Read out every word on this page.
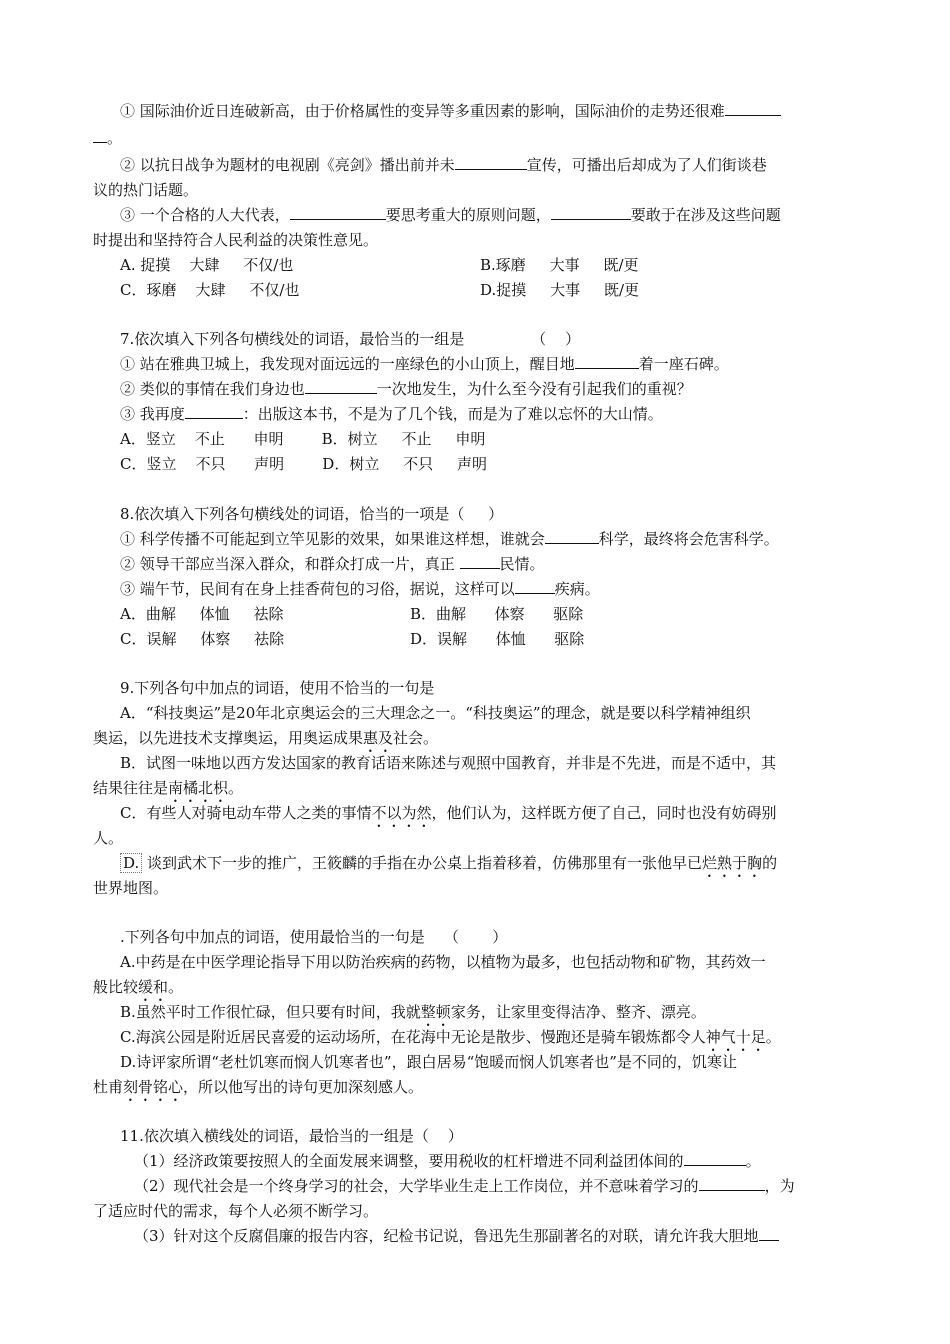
① 国际油价近日连破新高，由于价格属性的变异等多重因素的影响，国际油价的走势还很难
。
② 以抗日战争为题材的电视剧《亮剑》播出前并未	宣传，可播出后却成为了人们街谈巷
议的热门话题。
③ 一个合格的人大代表，	要思考重大的原则问题，	要敢于在涉及这些问题
时提出和坚持符合人民利益的决策性意见。
A. 捉摸    大肆     不仅/也	B.琢磨     大事     既/更
C．琢磨    大肆     不仅/也	D.捉摸     大事     既/更
7.依次填入下列各句横线处的词语，最恰当的一组是              （    ）
① 站在雅典卫城上，我发现对面远远的一座绿色的小山顶上，醒目地	着一座石碑。
② 类似的事情在我们身边也	一次地发生，为什么至今没有引起我们的重视？
③ 我再度	：出版这本书，不是为了几个钱，而是为了难以忘怀的大山情。
A．竖立    不止      申明        B．树立     不止     申明
C．竖立    不只      声明        D．树立     不只     声明
8.依次填入下列各句横线处的词语，恰当的一项是（     ）
① 科学传播不可能起到立竿见影的效果，如果谁这样想，谁就会	科学，最终将会危害科学。
② 领导干部应当深入群众，和群众打成一片，真正	民情。
③ 端午节，民间有在身上挂香荷包的习俗，据说，这样可以	疾病。
A．曲解     体恤     祛除	B．曲解      体察      驱除
C．误解     体察     祛除	D．误解      体恤      驱除
9.下列各句中加点的词语，使用不恰当的一句是
A．“科技奥运”是20年北京奥运会的三大理念之一。“科技奥运”的理念，就是要以科学精神组织
奥运，以先进技术支撑奥运，用奥运成果惠及社会。
B．试图一味地以西方发达国家的教育话语来陈述与观照中国教育，并非是不先进，而是不适中，其
结果往往是南橘北枳。
C．有些人对骑电动车带人之类的事情不以为然，他们认为，这样既方便了自己，同时也没有妨碍别
人。
D. 谈到武术下一步的推广，王筱麟的手指在办公桌上指着移着，仿佛那里有一张他早已烂熟于胸的
世界地图。
.下列各句中加点的词语，使用最恰当的一句是    （       ）
A.中药是在中医学理论指导下用以防治疾病的药物，以植物为最多，也包括动物和矿物，其药效一
般比较缓和。
B.虽然平时工作很忙碌，但只要有时间，我就整顿家务，让家里变得洁净、整齐、漂亮。
C.海滨公园是附近居民喜爱的运动场所，在花海中无论是散步、慢跑还是骑车锻炼都令人神气十足。
D.诗评家所谓“老杜饥寒而悯人饥寒者也”，跟白居易“饱暖而悯人饥寒者也”是不同的，饥寒让
杜甫刻骨铭心，所以他写出的诗句更加深刻感人。
11.依次填入横线处的词语，最恰当的一组是（    ）
（1）经济政策要按照人的全面发展来调整，要用税收的杠杆增进不同利益团体间的	。
（2）现代社会是一个终身学习的社会，大学毕业生走上工作岗位，并不意味着学习的	，为
了适应时代的需求，每个人必须不断学习。
（3）针对这个反腐倡廉的报告内容，纪检书记说，鲁迅先生那副著名的对联，请允许我大胆地
